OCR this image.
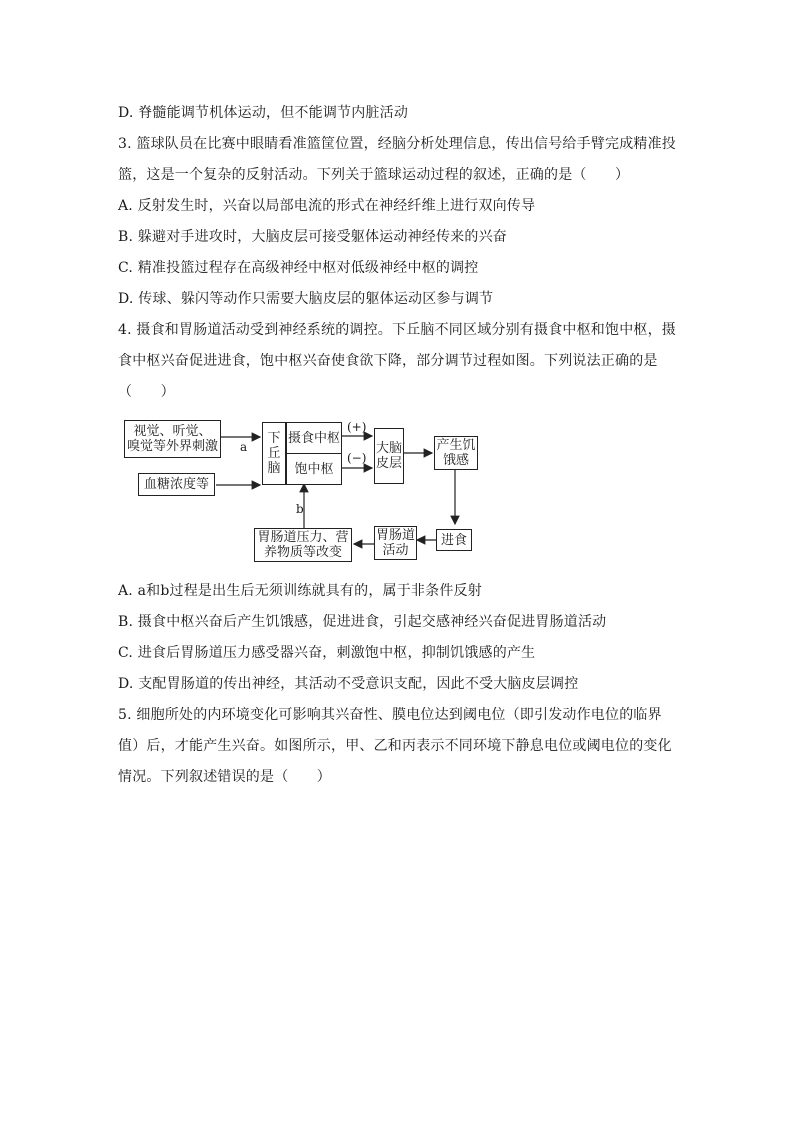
D. 脊髓能调节机体运动，但不能调节内脏活动
3. 篮球队员在比赛中眼睛看准篮筐位置，经脑分析处理信息，传出信号给手臂完成精准投
篮，这是一个复杂的反射活动。下列关于篮球运动过程的叙述，正确的是（　　）
A. 反射发生时，兴奋以局部电流的形式在神经纤维上进行双向传导
B. 躲避对手进攻时，大脑皮层可接受躯体运动神经传来的兴奋
C. 精准投篮过程存在高级神经中枢对低级神经中枢的调控
D. 传球、躲闪等动作只需要大脑皮层的躯体运动区参与调节
4. 摄食和胃肠道活动受到神经系统的调控。下丘脑不同区域分别有摄食中枢和饱中枢，摄
食中枢兴奋促进进食，饱中枢兴奋使食欲下降，部分调节过程如图。下列说法正确的是
（　　）
视觉、听觉、
嗅觉等外界刺激
血糖浓度等
下
丘
脑
摄食中枢
饱中枢
大脑
皮层
产生饥
饿感
进食
胃肠道
活动
胃肠道压力、营
养物质等改变
a
b
(+)
(−)
A. a和b过程是出生后无须训练就具有的，属于非条件反射
B. 摄食中枢兴奋后产生饥饿感，促进进食，引起交感神经兴奋促进胃肠道活动
C. 进食后胃肠道压力感受器兴奋，刺激饱中枢，抑制饥饿感的产生
D. 支配胃肠道的传出神经，其活动不受意识支配，因此不受大脑皮层调控
5. 细胞所处的内环境变化可影响其兴奋性、膜电位达到阈电位（即引发动作电位的临界
值）后，才能产生兴奋。如图所示，甲、乙和丙表示不同环境下静息电位或阈电位的变化
情况。下列叙述错误的是（　　）
